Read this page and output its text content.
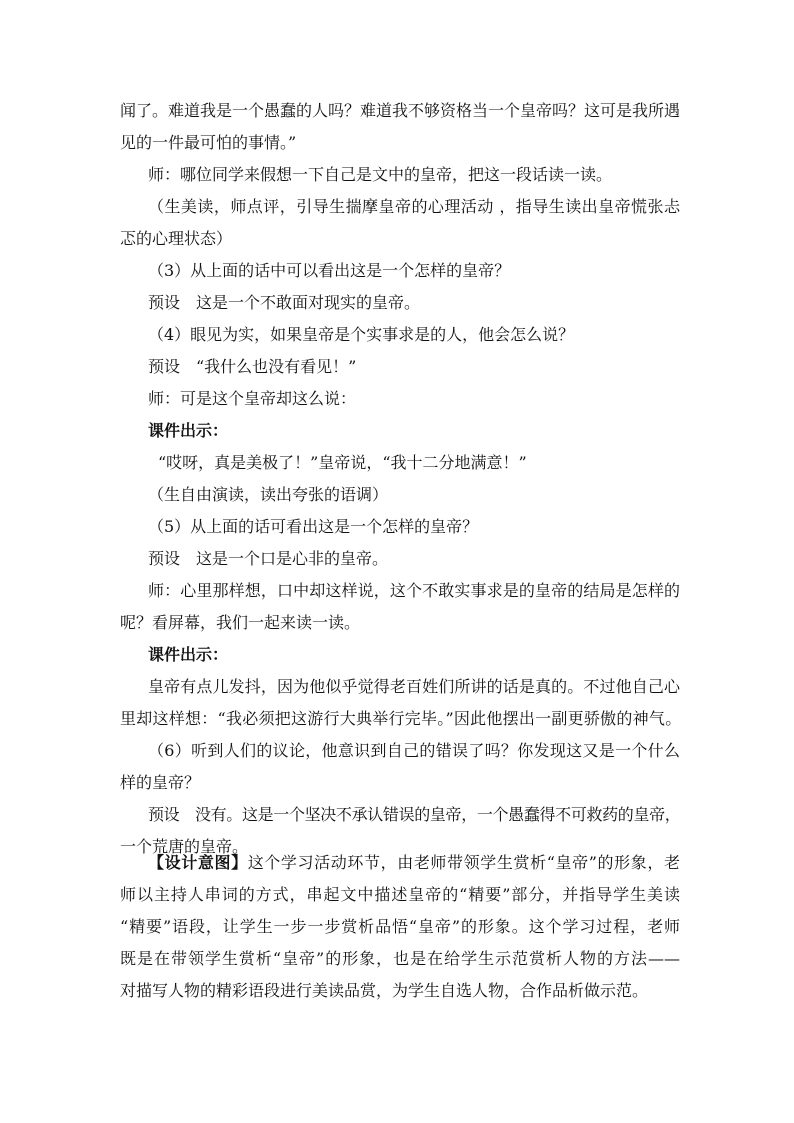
闻了。难道我是一个愚蠢的人吗？难道我不够资格当一个皇帝吗？这可是我所遇
见的一件最可怕的事情。”
师：哪位同学来假想一下自己是文中的皇帝，把这一段话读一读。
（生美读，师点评，引导生揣摩皇帝的心理活动 ，指导生读出皇帝慌张忐
忑的心理状态）
（3）从上面的话中可以看出这是一个怎样的皇帝？
预设　这是一个不敢面对现实的皇帝。
（4）眼见为实，如果皇帝是个实事求是的人，他会怎么说？
预设　“我什么也没有看见！”
师：可是这个皇帝却这么说：
课件出示：
“哎呀，真是美极了！”皇帝说，“我十二分地满意！”
（生自由演读，读出夸张的语调）
（5）从上面的话可看出这是一个怎样的皇帝？
预设　这是一个口是心非的皇帝。
师：心里那样想，口中却这样说，这个不敢实事求是的皇帝的结局是怎样的
呢？看屏幕，我们一起来读一读。
课件出示：
皇帝有点儿发抖，因为他似乎觉得老百姓们所讲的话是真的。不过他自己心
里却这样想：“我必须把这游行大典举行完毕。”因此他摆出一副更骄傲的神气。
（6）听到人们的议论，他意识到自己的错误了吗？你发现这又是一个什么
样的皇帝？
预设　没有。这是一个坚决不承认错误的皇帝，一个愚蠢得不可救药的皇帝，
一个荒唐的皇帝。
【设计意图】这个学习活动环节，由老师带领学生赏析“皇帝”的形象，老
师以主持人串词的方式，串起文中描述皇帝的“精要”部分，并指导学生美读
“精要”语段，让学生一步一步赏析品悟“皇帝”的形象。这个学习过程，老师
既是在带领学生赏析“皇帝”的形象，也是在给学生示范赏析人物的方法——
对描写人物的精彩语段进行美读品赏，为学生自选人物，合作品析做示范。
